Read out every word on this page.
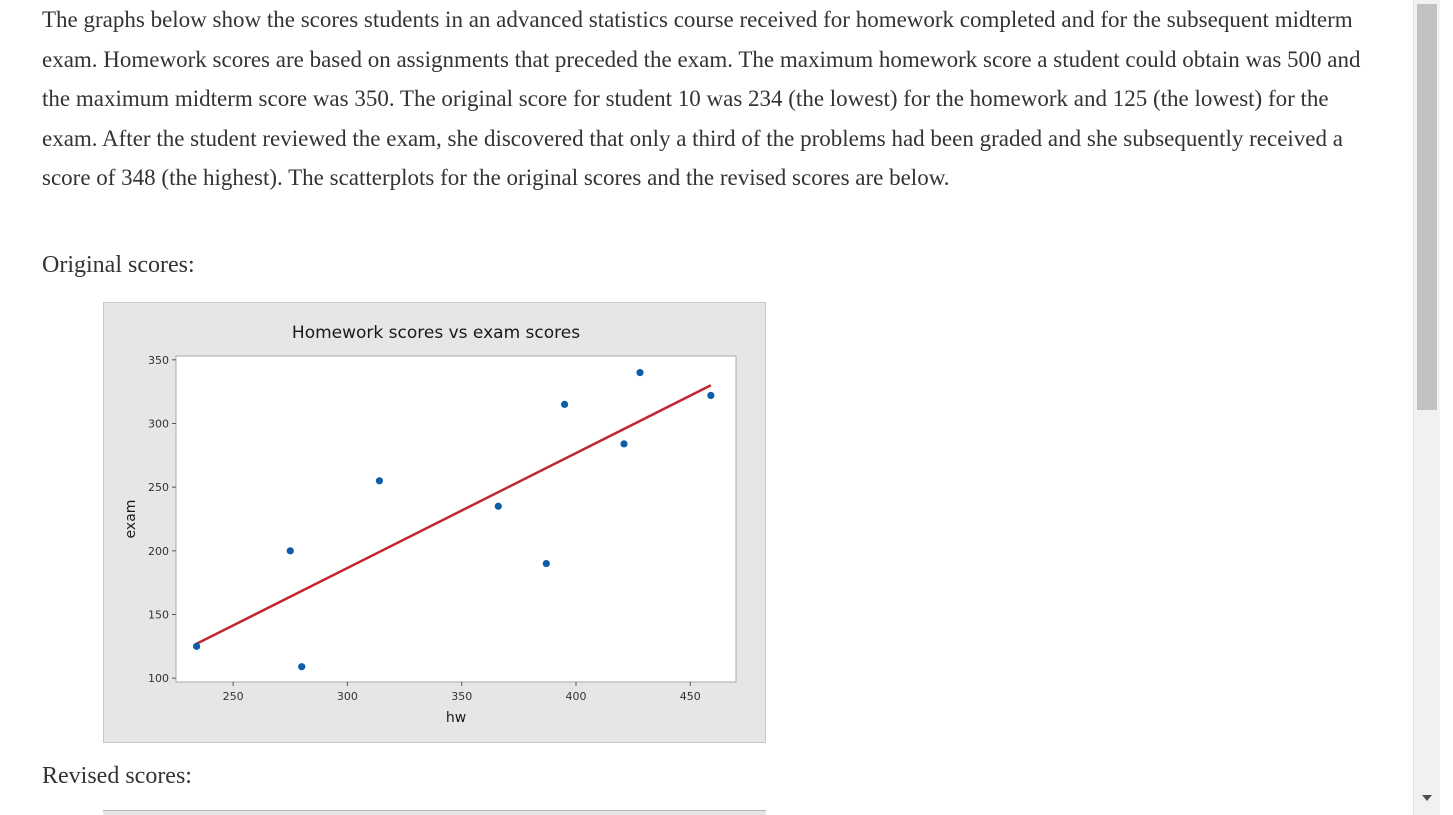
The graphs below show the scores students in an advanced statistics course received for homework completed and for the subsequent midterm exam. Homework scores are based on assignments that preceded the exam. The maximum homework score a student could obtain was 500 and the maximum midterm score was 350. The original score for student 10 was 234 (the lowest) for the homework and 125 (the lowest) for the exam. After the student reviewed the exam, she discovered that only a third of the problems had been graded and she subsequently received a score of 348 (the highest). The scatterplots for the original scores and the revised scores are below.

Original scores:

Homework scores vs exam scores
hw
exam
250	300	350	400	450
100
150
200
250
300
350

Revised scores:
